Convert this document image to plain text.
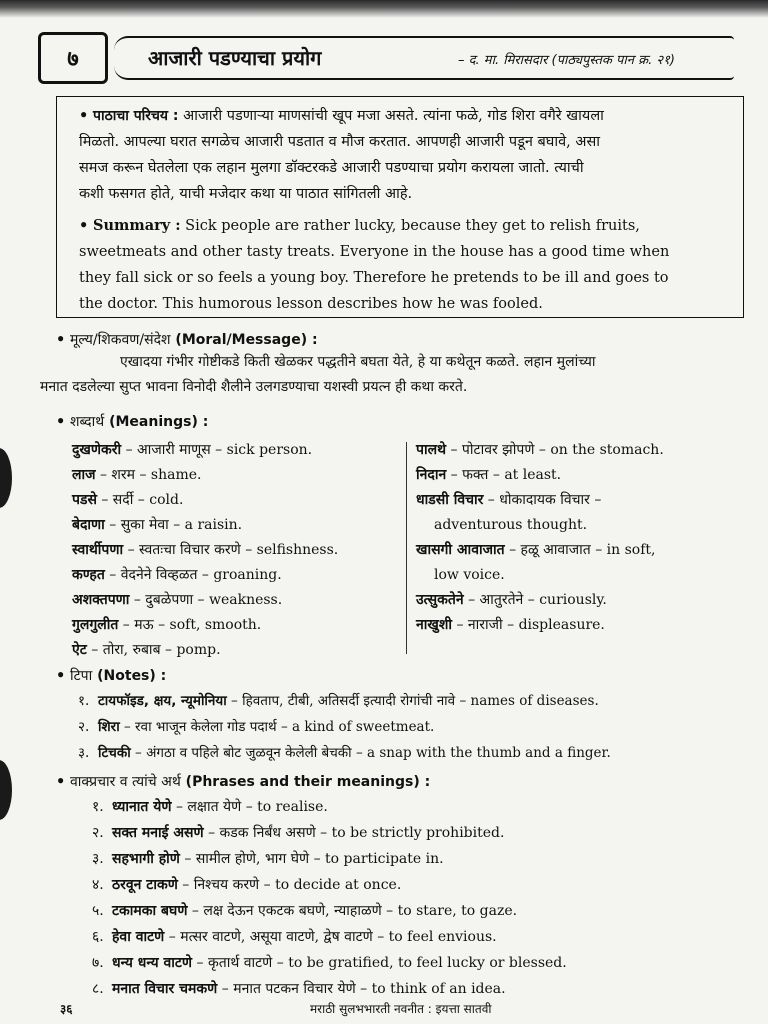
७	आजारी पडण्याचा प्रयोग	– द. मा. मिरासदार (पाठ्यपुस्तक पान क्र. २१)
• पाठाचा परिचय : आजारी पडणाऱ्या माणसांची खूप मजा असते. त्यांना फळे, गोड शिरा वगैरे खायला
मिळतो. आपल्या घरात सगळेच आजारी पडतात व मौज करतात. आपणही आजारी पडून बघावे, असा
समज करून घेतलेला एक लहान मुलगा डॉक्टरकडे आजारी पडण्याचा प्रयोग करायला जातो. त्याची
कशी फसगत होते, याची मजेदार कथा या पाठात सांगितली आहे.
• Summary : Sick people are rather lucky, because they get to relish fruits,
sweetmeats and other tasty treats. Everyone in the house has a good time when
they fall sick or so feels a young boy. Therefore he pretends to be ill and goes to
the doctor. This humorous lesson describes how he was fooled.
• मूल्य/शिकवण/संदेश (Moral/Message) :
एखादया गंभीर गोष्टीकडे किती खेळकर पद्धतीने बघता येते, हे या कथेतून कळते. लहान मुलांच्या
मनात दडलेल्या सुप्त भावना विनोदी शैलीने उलगडण्याचा यशस्वी प्रयत्न ही कथा करते.
• शब्दार्थ (Meanings) :
दुखणेकरी – आजारी माणूस – sick person.
लाज – शरम – shame.
पडसे – सर्दी – cold.
बेदाणा – सुका मेवा – a raisin.
स्वार्थीपणा – स्वतःचा विचार करणे – selfishness.
कण्हत – वेदनेने विव्हळत – groaning.
अशक्तपणा – दुबळेपणा – weakness.
गुलगुलीत – मऊ – soft, smooth.
ऐट – तोरा, रुबाब – pomp.
पालथे – पोटावर झोपणे – on the stomach.
निदान – फक्त – at least.
धाडसी विचार – धोकादायक विचार –
adventurous thought.
खासगी आवाजात – हळू आवाजात – in soft,
low voice.
उत्सुकतेने – आतुरतेने – curiously.
नाखुशी – नाराजी – displeasure.
• टिपा (Notes) :
१. टायफॉइड, क्षय, न्यूमोनिया – हिवताप, टीबी, अतिसर्दी इत्यादी रोगांची नावे – names of diseases.
२. शिरा – रवा भाजून केलेला गोड पदार्थ – a kind of sweetmeat.
३. टिचकी – अंगठा व पहिले बोट जुळवून केलेली बेचकी – a snap with the thumb and a finger.
• वाक्प्रचार व त्यांचे अर्थ (Phrases and their meanings) :
१. ध्यानात येणे – लक्षात येणे – to realise.
२. सक्त मनाई असणे – कडक निर्बंध असणे – to be strictly prohibited.
३. सहभागी होणे – सामील होणे, भाग घेणे – to participate in.
४. ठरवून टाकणे – निश्चय करणे – to decide at once.
५. टकामका बघणे – लक्ष देऊन एकटक बघणे, न्याहाळणे – to stare, to gaze.
६. हेवा वाटणे – मत्सर वाटणे, असूया वाटणे, द्वेष वाटणे – to feel envious.
७. धन्य धन्य वाटणे – कृतार्थ वाटणे – to be gratified, to feel lucky or blessed.
८. मनात विचार चमकणे – मनात पटकन विचार येणे – to think of an idea.
३६	मराठी सुलभभारती नवनीत : इयत्ता सातवी
